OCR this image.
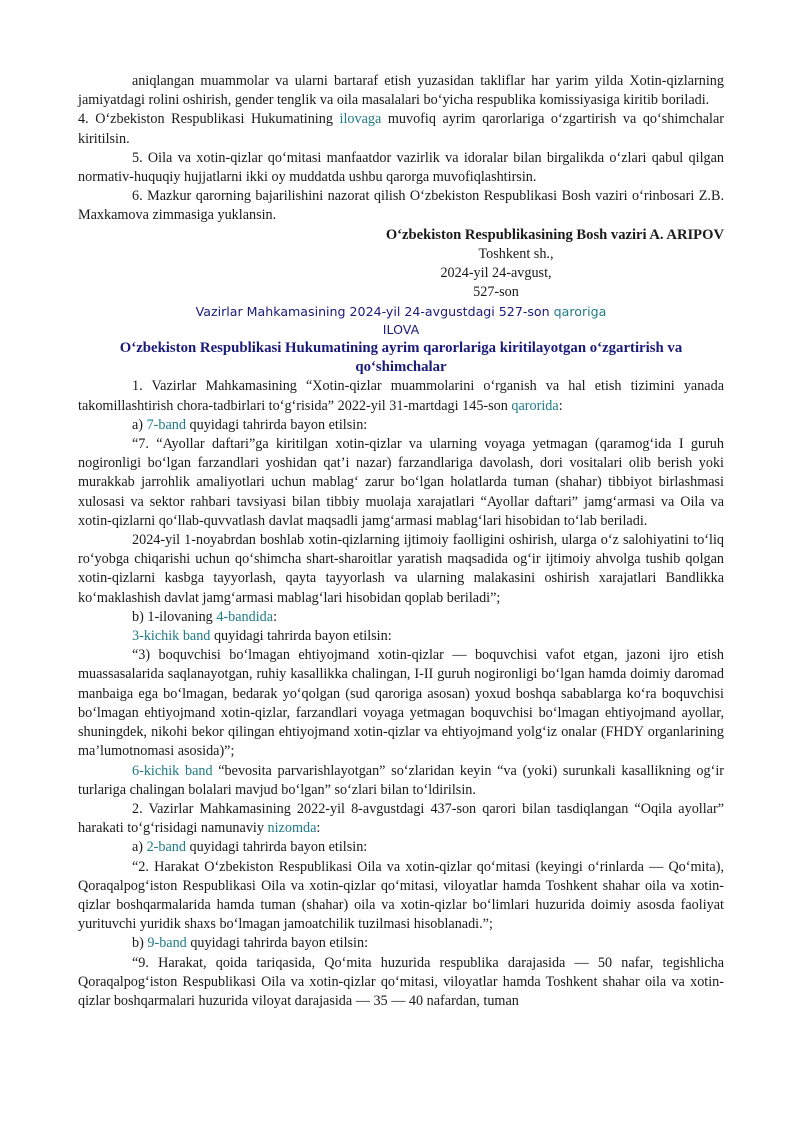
aniqlangan muammolar va ularni bartaraf etish yuzasidan takliflar har yarim yilda Xotin-qizlarning jamiyatdagi rolini oshirish, gender tenglik va oila masalalari bo‘yicha respublika komissiyasiga kiritib boriladi.

4. O‘zbekiston Respublikasi Hukumatining ilovaga muvofiq ayrim qarorlariga o‘zgartirish va qo‘shimchalar kiritilsin.

5. Oila va xotin-qizlar qo‘mitasi manfaatdor vazirlik va idoralar bilan birgalikda o‘zlari qabul qilgan normativ-huquqiy hujjatlarni ikki oy muddatda ushbu qarorga muvofiqlashtirsin.

6. Mazkur qarorning bajarilishini nazorat qilish O‘zbekiston Respublikasi Bosh vaziri o‘rinbosari Z.B. Maxkamova zimmasiga yuklansin.

O‘zbekiston Respublikasining Bosh vaziri A. ARIPOV
Toshkent sh.,
2024-yil 24-avgust,
527-son
Vazirlar Mahkamasining 2024-yil 24-avgustdagi 527-son qaroriga
ILOVA
O‘zbekiston Respublikasi Hukumatining ayrim qarorlariga kiritilayotgan o‘zgartirish va qo‘shimchalar

1. Vazirlar Mahkamasining “Xotin-qizlar muammolarini o‘rganish va hal etish tizimini yanada takomillashtirish chora-tadbirlari to‘g‘risida” 2022-yil 31-martdagi 145-son qarorida:

a) 7-band quyidagi tahrirda bayon etilsin:

“7. “Ayollar daftari”ga kiritilgan xotin-qizlar va ularning voyaga yetmagan (qaramog‘ida I guruh nogironligi bo‘lgan farzandlari yoshidan qat’i nazar) farzandlariga davolash, dori vositalari olib berish yoki murakkab jarrohlik amaliyotlari uchun mablag‘ zarur bo‘lgan holatlarda tuman (shahar) tibbiyot birlashmasi xulosasi va sektor rahbari tavsiyasi bilan tibbiy muolaja xarajatlari “Ayollar daftari” jamg‘armasi va Oila va xotin-qizlarni qo‘llab-quvvatlash davlat maqsadli jamg‘armasi mablag‘lari hisobidan to‘lab beriladi.

2024-yil 1-noyabrdan boshlab xotin-qizlarning ijtimoiy faolligini oshirish, ularga o‘z salohiyatini to‘liq ro‘yobga chiqarishi uchun qo‘shimcha shart-sharoitlar yaratish maqsadida og‘ir ijtimoiy ahvolga tushib qolgan xotin-qizlarni kasbga tayyorlash, qayta tayyorlash va ularning malakasini oshirish xarajatlari Bandlikka ko‘maklashish davlat jamg‘armasi mablag‘lari hisobidan qoplab beriladi”;

b) 1-ilovaning 4-bandida:

3-kichik band quyidagi tahrirda bayon etilsin:

“3) boquvchisi bo‘lmagan ehtiyojmand xotin-qizlar — boquvchisi vafot etgan, jazoni ijro etish muassasalarida saqlanayotgan, ruhiy kasallikka chalingan, I-II guruh nogironligi bo‘lgan hamda doimiy daromad manbaiga ega bo‘lmagan, bedarak yo‘qolgan (sud qaroriga asosan) yoxud boshqa sabablarga ko‘ra boquvchisi bo‘lmagan ehtiyojmand xotin-qizlar, farzandlari voyaga yetmagan boquvchisi bo‘lmagan ehtiyojmand ayollar, shuningdek, nikohi bekor qilingan ehtiyojmand xotin-qizlar va ehtiyojmand yolg‘iz onalar (FHDY organlarining ma’lumotnomasi asosida)”;

6-kichik band “bevosita parvarishlayotgan” so‘zlaridan keyin “va (yoki) surunkali kasallikning og‘ir turlariga chalingan bolalari mavjud bo‘lgan” so‘zlari bilan to‘ldirilsin.

2. Vazirlar Mahkamasining 2022-yil 8-avgustdagi 437-son qarori bilan tasdiqlangan “Oqila ayollar” harakati to‘g‘risidagi namunaviy nizomda:

a) 2-band quyidagi tahrirda bayon etilsin:

“2. Harakat O‘zbekiston Respublikasi Oila va xotin-qizlar qo‘mitasi (keyingi o‘rinlarda — Qo‘mita), Qoraqalpog‘iston Respublikasi Oila va xotin-qizlar qo‘mitasi, viloyatlar hamda Toshkent shahar oila va xotin-qizlar boshqarmalarida hamda tuman (shahar) oila va xotin-qizlar bo‘limlari huzurida doimiy asosda faoliyat yurituvchi yuridik shaxs bo‘lmagan jamoatchilik tuzilmasi hisoblanadi.”;

b) 9-band quyidagi tahrirda bayon etilsin:

“9. Harakat, qoida tariqasida, Qo‘mita huzurida respublika darajasida — 50 nafar, tegishlicha Qoraqalpog‘iston Respublikasi Oila va xotin-qizlar qo‘mitasi, viloyatlar hamda Toshkent shahar oila va xotin-qizlar boshqarmalari huzurida viloyat darajasida — 35 — 40 nafardan, tuman
